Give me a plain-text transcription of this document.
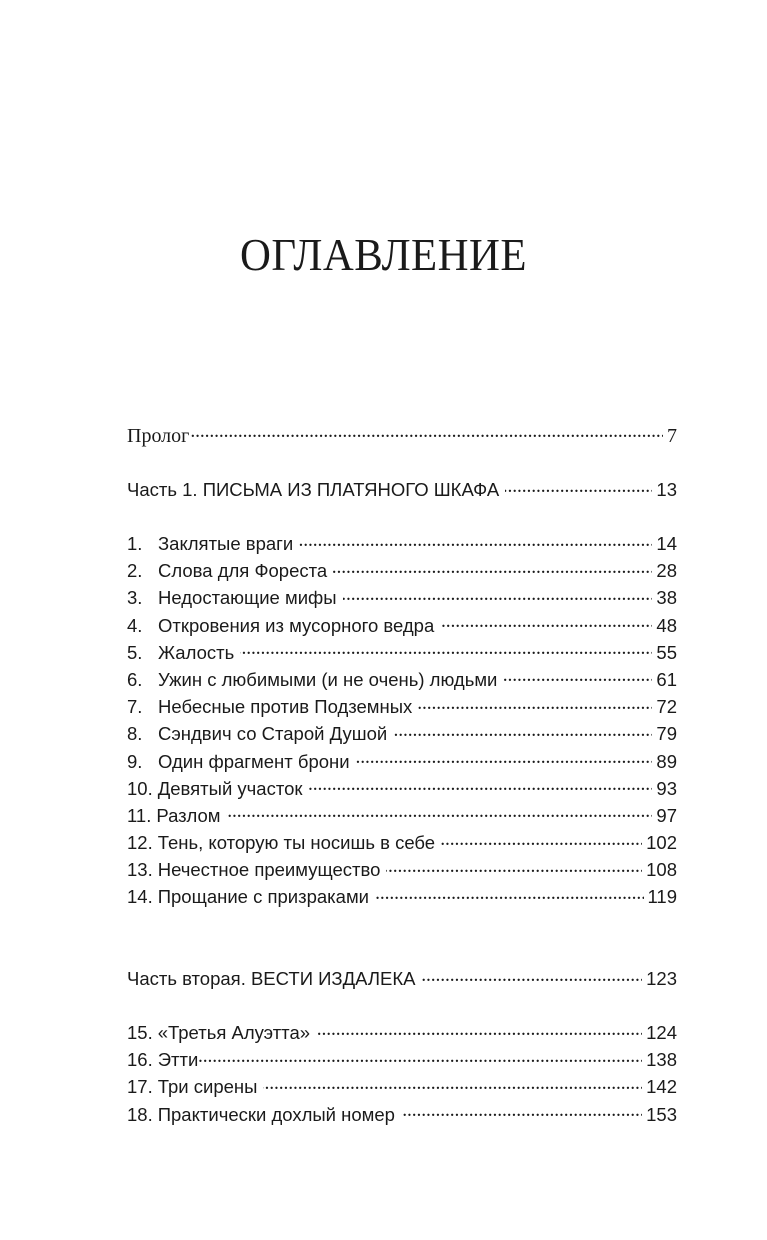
ОГЛАВЛЕНИЕ
Пролог . . .	7
Часть 1. ПИСЬМА ИЗ ПЛАТЯНОГО ШКАФА . . .	13
1. Заклятые враги . . .	14
2. Слова для Фореста . . .	28
3. Недостающие мифы . . .	38
4. Откровения из мусорного ведра . . .	48
5. Жалость . . .	55
6. Ужин с любимыми (и не очень) людьми . . .	61
7. Небесные против Подземных . . .	72
8. Сэндвич со Старой Душой . . .	79
9. Один фрагмент брони . . .	89
10. Девятый участок . . .	93
11. Разлом . . .	97
12. Тень, которую ты носишь в себе . . .	102
13. Нечестное преимущество . . .	108
14. Прощание с призраками . . .	119
Часть вторая. ВЕСТИ ИЗДАЛЕКА . . .	123
15. «Третья Алуэтта» . . .	124
16. Этти . . .	138
17. Три сирены . . .	142
18. Практически дохлый номер . . .	153
